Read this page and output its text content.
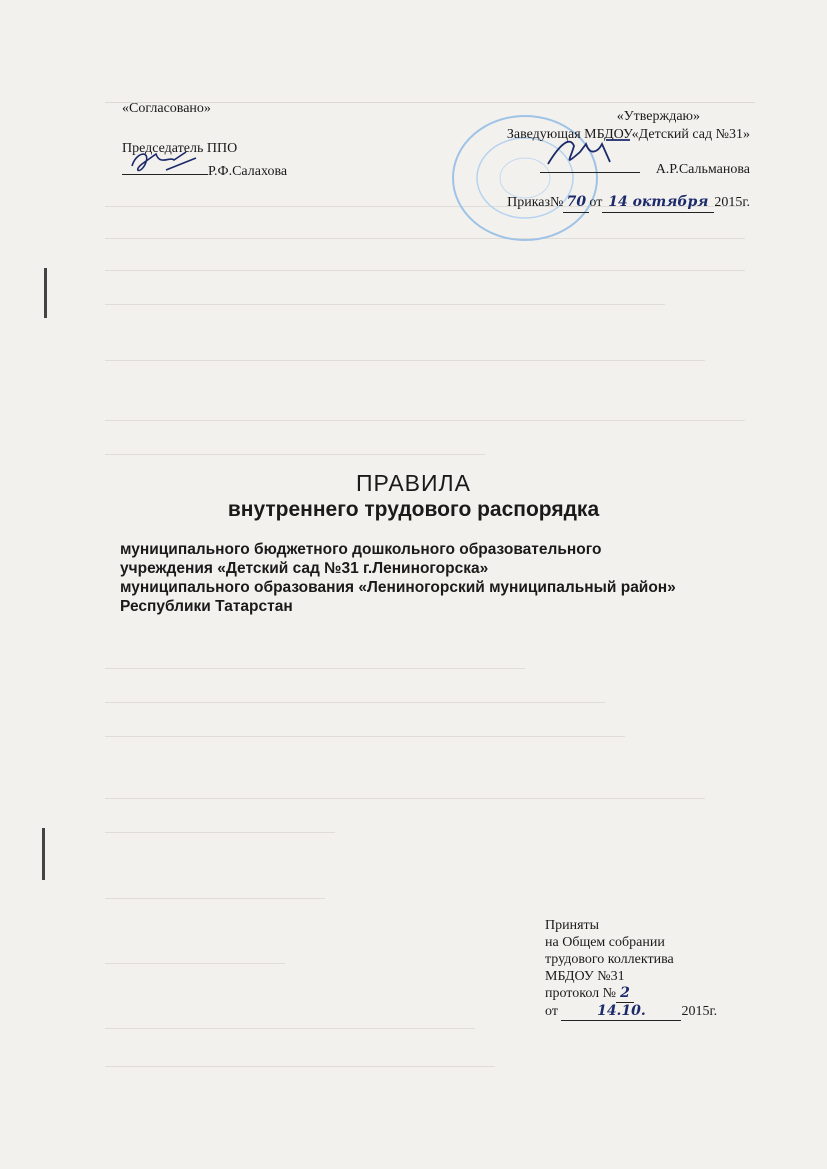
«Согласовано»
Председатель ППО
Р.Ф.Салахова
«Утверждаю»
Заведующая МБДОУ«Детский сад №31»
А.Р.Сальманова
Приказ№ 70 от 14 октября 2015г.
ПРАВИЛА
внутреннего трудового распорядка
муниципального бюджетного дошкольного образовательного
учреждения «Детский сад №31 г.Лениногорска»
муниципального образования «Лениногорский муниципальный район»
Республики Татарстан
Приняты
на Общем собрании
трудового коллектива
МБДОУ №31
протокол № 2
от	14.10.	2015г.
